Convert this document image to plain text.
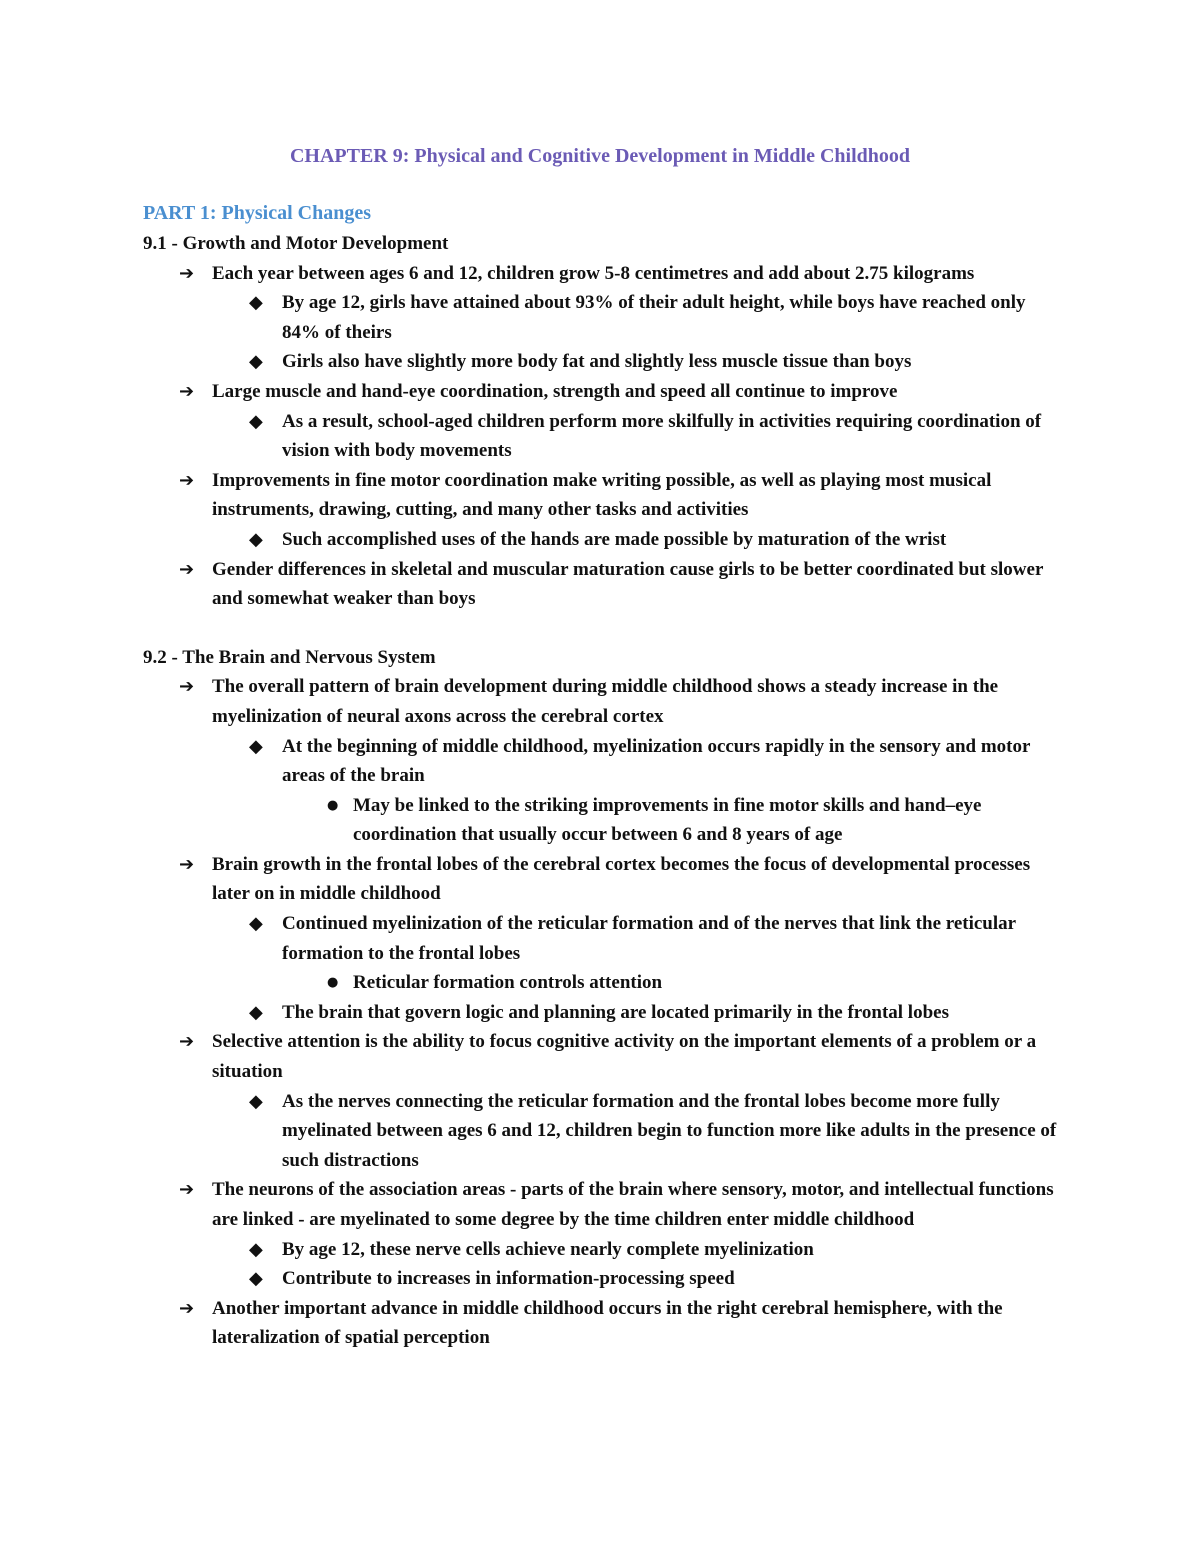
CHAPTER 9: Physical and Cognitive Development in Middle Childhood
PART 1: Physical Changes
9.1 - Growth and Motor Development
➔ Each year between ages 6 and 12, children grow 5-8 centimetres and add about 2.75 kilograms
◆ By age 12, girls have attained about 93% of their adult height, while boys have reached only 84% of theirs
◆ Girls also have slightly more body fat and slightly less muscle tissue than boys
➔ Large muscle and hand-eye coordination, strength and speed all continue to improve
◆ As a result, school-aged children perform more skilfully in activities requiring coordination of vision with body movements
➔ Improvements in fine motor coordination make writing possible, as well as playing most musical instruments, drawing, cutting, and many other tasks and activities
◆ Such accomplished uses of the hands are made possible by maturation of the wrist
➔ Gender differences in skeletal and muscular maturation cause girls to be better coordinated but slower and somewhat weaker than boys
9.2 - The Brain and Nervous System
➔ The overall pattern of brain development during middle childhood shows a steady increase in the myelinization of neural axons across the cerebral cortex
◆ At the beginning of middle childhood, myelinization occurs rapidly in the sensory and motor areas of the brain
● May be linked to the striking improvements in fine motor skills and hand–eye coordination that usually occur between 6 and 8 years of age
➔ Brain growth in the frontal lobes of the cerebral cortex becomes the focus of developmental processes later on in middle childhood
◆ Continued myelinization of the reticular formation and of the nerves that link the reticular formation to the frontal lobes
● Reticular formation controls attention
◆ The brain that govern logic and planning are located primarily in the frontal lobes
➔ Selective attention is the ability to focus cognitive activity on the important elements of a problem or a situation
◆ As the nerves connecting the reticular formation and the frontal lobes become more fully myelinated between ages 6 and 12, children begin to function more like adults in the presence of such distractions
➔ The neurons of the association areas - parts of the brain where sensory, motor, and intellectual functions are linked - are myelinated to some degree by the time children enter middle childhood
◆ By age 12, these nerve cells achieve nearly complete myelinization
◆ Contribute to increases in information-processing speed
➔ Another important advance in middle childhood occurs in the right cerebral hemisphere, with the lateralization of spatial perception
